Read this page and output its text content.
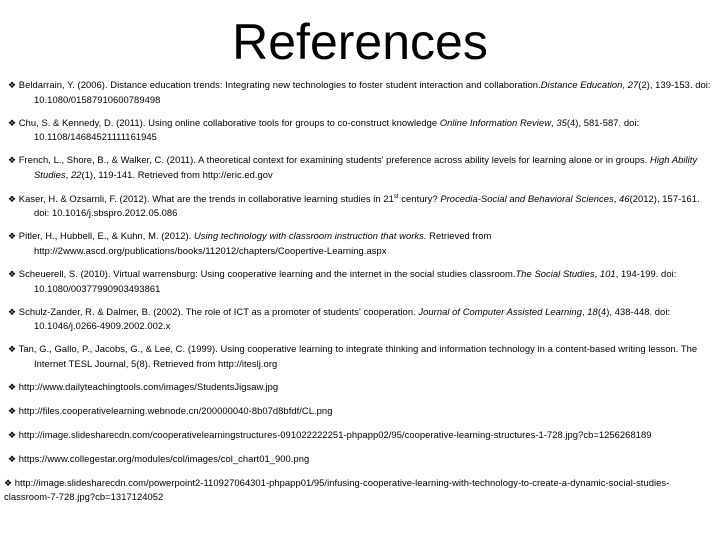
References
❖ Beldarrain, Y. (2006). Distance education trends: Integrating new technologies to foster student interaction and collaboration.Distance Education, 27(2), 139-153. doi: 10.1080/01587910600789498
❖ Chu, S. & Kennedy, D. (2011). Using online collaborative tools for groups to co-construct knowledge Online Information Review, 35(4), 581-587. doi: 10.1108/14684521111161945
❖ French, L., Shore, B., & Walker, C. (2011). A theoretical context for examining students' preference across ability levels for learning alone or in groups. High Ability Studies, 22(1), 119-141. Retrieved from http://eric.ed.gov
❖ Kaser, H. & Ozsarnli, F. (2012). What are the trends in collaborative learning studies in 21st century? Procedia-Social and Behavioral Sciences, 46(2012), 157-161. doi: 10.1016/j.sbspro.2012.05.086
❖ Pitler, H., Hubbell, E., & Kuhn, M. (2012). Using technology with classroom instruction that works. Retrieved from http://2www.ascd.org/publications/books/112012/chapters/Coopertive-Learning.aspx
❖ Scheuerell, S. (2010). Virtual warrensburg: Using cooperative learning and the internet in the social studies classroom.The Social Studies, 101, 194-199. doi: 10.1080/00377990903493861
❖ Schulz-Zander, R. & Dalmer, B. (2002). The role of ICT as a promoter of students' cooperation. Journal of Computer Assisted Learning, 18(4), 438-448. doi: 10.1046/j.0266-4909.2002.002.x
❖ Tan, G., Gallo, P., Jacobs, G., & Lee, C. (1999). Using cooperative learning to integrate thinking and information technology in a content-based writing lesson. The Internet TESL Journal, 5(8). Retrieved from http://iteslj.org
❖ http://www.dailyteachingtools.com/images/StudentsJigsaw.jpg
❖ http://files.cooperativelearning.webnode.cn/200000040-8b07d8bfdf/CL.png
❖ http://image.slidesharecdn.com/cooperativelearningstructures-091022222251-phpapp02/95/cooperative-learning-structures-1-728.jpg?cb=1256268189
❖ https://www.collegestar.org/modules/col/images/col_chart01_900.png
❖ http://image.slidesharecdn.com/powerpoint2-110927064301-phpapp01/95/infusing-cooperative-learning-with-technology-to-create-a-dynamic-social-studies-classroom-7-728.jpg?cb=1317124052
